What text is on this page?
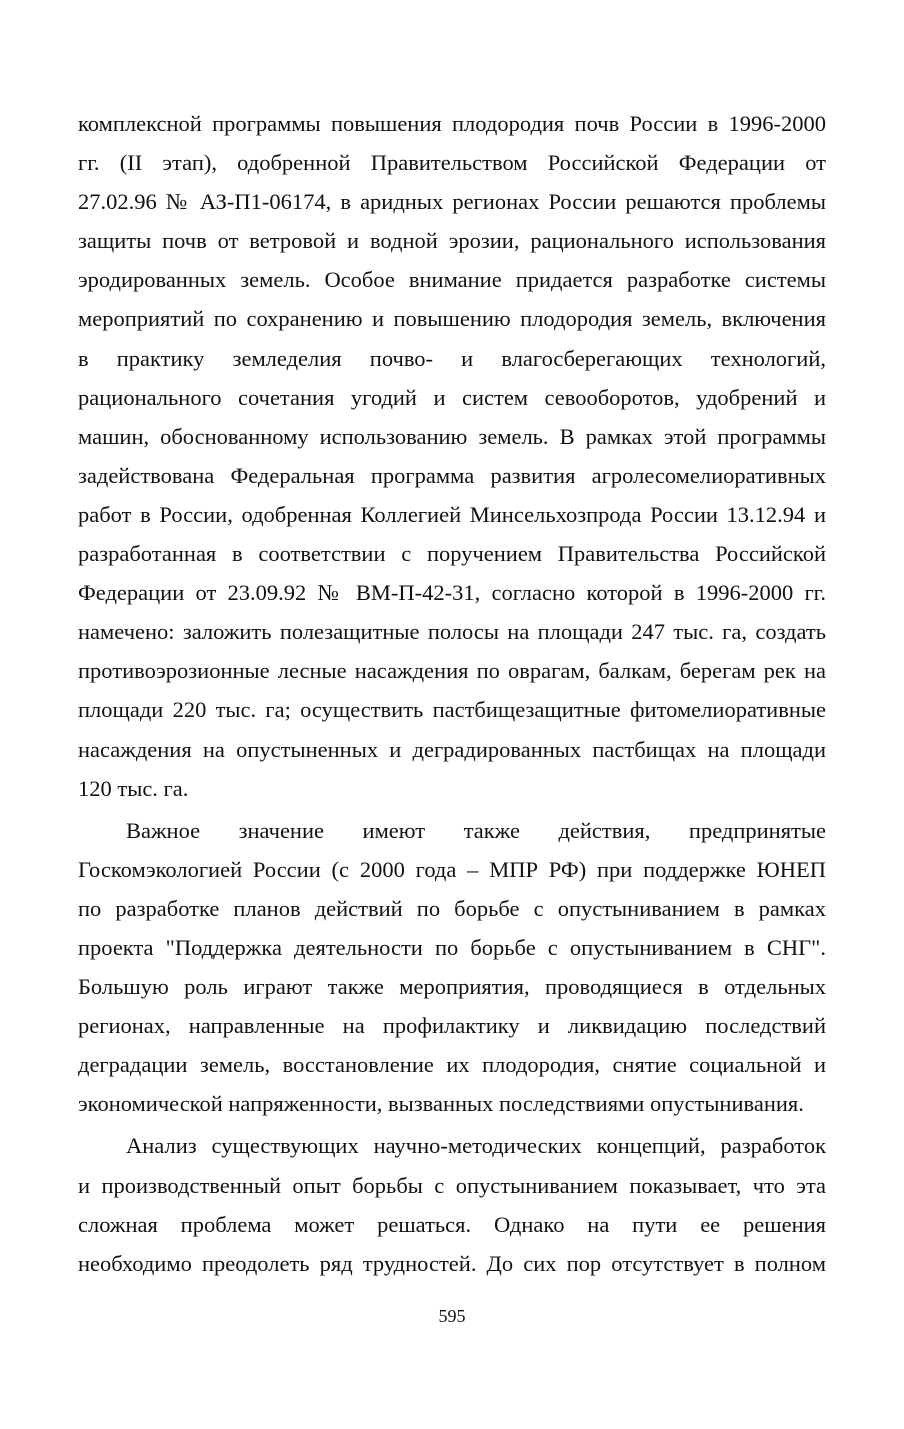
комплексной программы повышения плодородия почв России в 1996-2000
гг. (II этап), одобренной Правительством Российской Федерации от
27.02.96 № АЗ-П1-06174, в аридных регионах России решаются проблемы
защиты почв от ветровой и водной эрозии, рационального использования
эродированных земель. Особое внимание придается разработке системы
мероприятий по сохранению и повышению плодородия земель, включения
в практику земледелия почво- и влагосберегающих технологий,
рационального сочетания угодий и систем севооборотов, удобрений и
машин, обоснованному использованию земель. В рамках этой программы
задействована Федеральная программа развития агролесомелиоративных
работ в России, одобренная Коллегией Минсельхозпрода России 13.12.94 и
разработанная в соответствии с поручением Правительства Российской
Федерации от 23.09.92 № ВМ-П-42-31, согласно которой в 1996-2000 гг.
намечено: заложить полезащитные полосы на площади 247 тыс. га, создать
противоэрозионные лесные насаждения по оврагам, балкам, берегам рек на
площади 220 тыс. га; осуществить пастбищезащитные фитомелиоративные
насаждения на опустыненных и деградированных пастбищах на площади
120 тыс. га.
Важное значение имеют также действия, предпринятые
Госкомэкологией России (с 2000 года – МПР РФ) при поддержке ЮНЕП
по разработке планов действий по борьбе с опустыниванием в рамках
проекта "Поддержка деятельности по борьбе с опустыниванием в СНГ".
Большую роль играют также мероприятия, проводящиеся в отдельных
регионах, направленные на профилактику и ликвидацию последствий
деградации земель, восстановление их плодородия, снятие социальной и
экономической напряженности, вызванных последствиями опустынивания.
Анализ существующих научно-методических концепций, разработок
и производственный опыт борьбы с опустыниванием показывает, что эта
сложная проблема может решаться. Однако на пути ее решения
необходимо преодолеть ряд трудностей. До сих пор отсутствует в полном
595
